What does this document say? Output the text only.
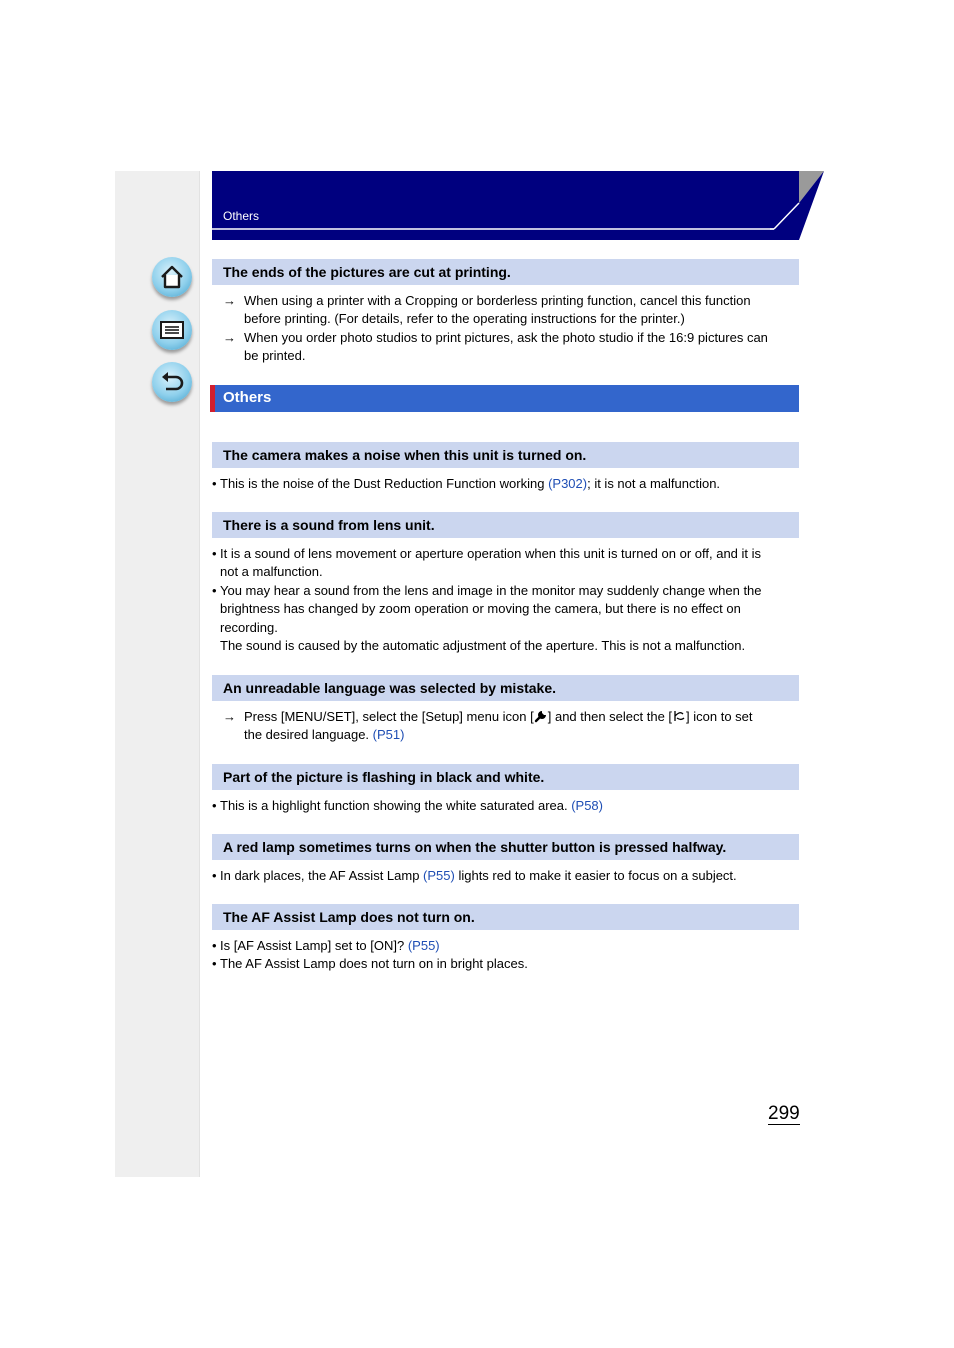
Others
The ends of the pictures are cut at printing.
→ When using a printer with a Cropping or borderless printing function, cancel this function
before printing. (For details, refer to the operating instructions for the printer.)
→ When you order photo studios to print pictures, ask the photo studio if the 16:9 pictures can
be printed.
Others
The camera makes a noise when this unit is turned on.
• This is the noise of the Dust Reduction Function working (P302); it is not a malfunction.
There is a sound from lens unit.
• It is a sound of lens movement or aperture operation when this unit is turned on or off, and it is
not a malfunction.
• You may hear a sound from the lens and image in the monitor may suddenly change when the
brightness has changed by zoom operation or moving the camera, but there is no effect on
recording.
The sound is caused by the automatic adjustment of the aperture. This is not a malfunction.
An unreadable language was selected by mistake.
→ Press [MENU/SET], select the [Setup] menu icon [ ] and then select the [ ] icon to set
the desired language. (P51)
Part of the picture is flashing in black and white.
• This is a highlight function showing the white saturated area. (P58)
A red lamp sometimes turns on when the shutter button is pressed halfway.
• In dark places, the AF Assist Lamp (P55) lights red to make it easier to focus on a subject.
The AF Assist Lamp does not turn on.
• Is [AF Assist Lamp] set to [ON]? (P55)
• The AF Assist Lamp does not turn on in bright places.
299
